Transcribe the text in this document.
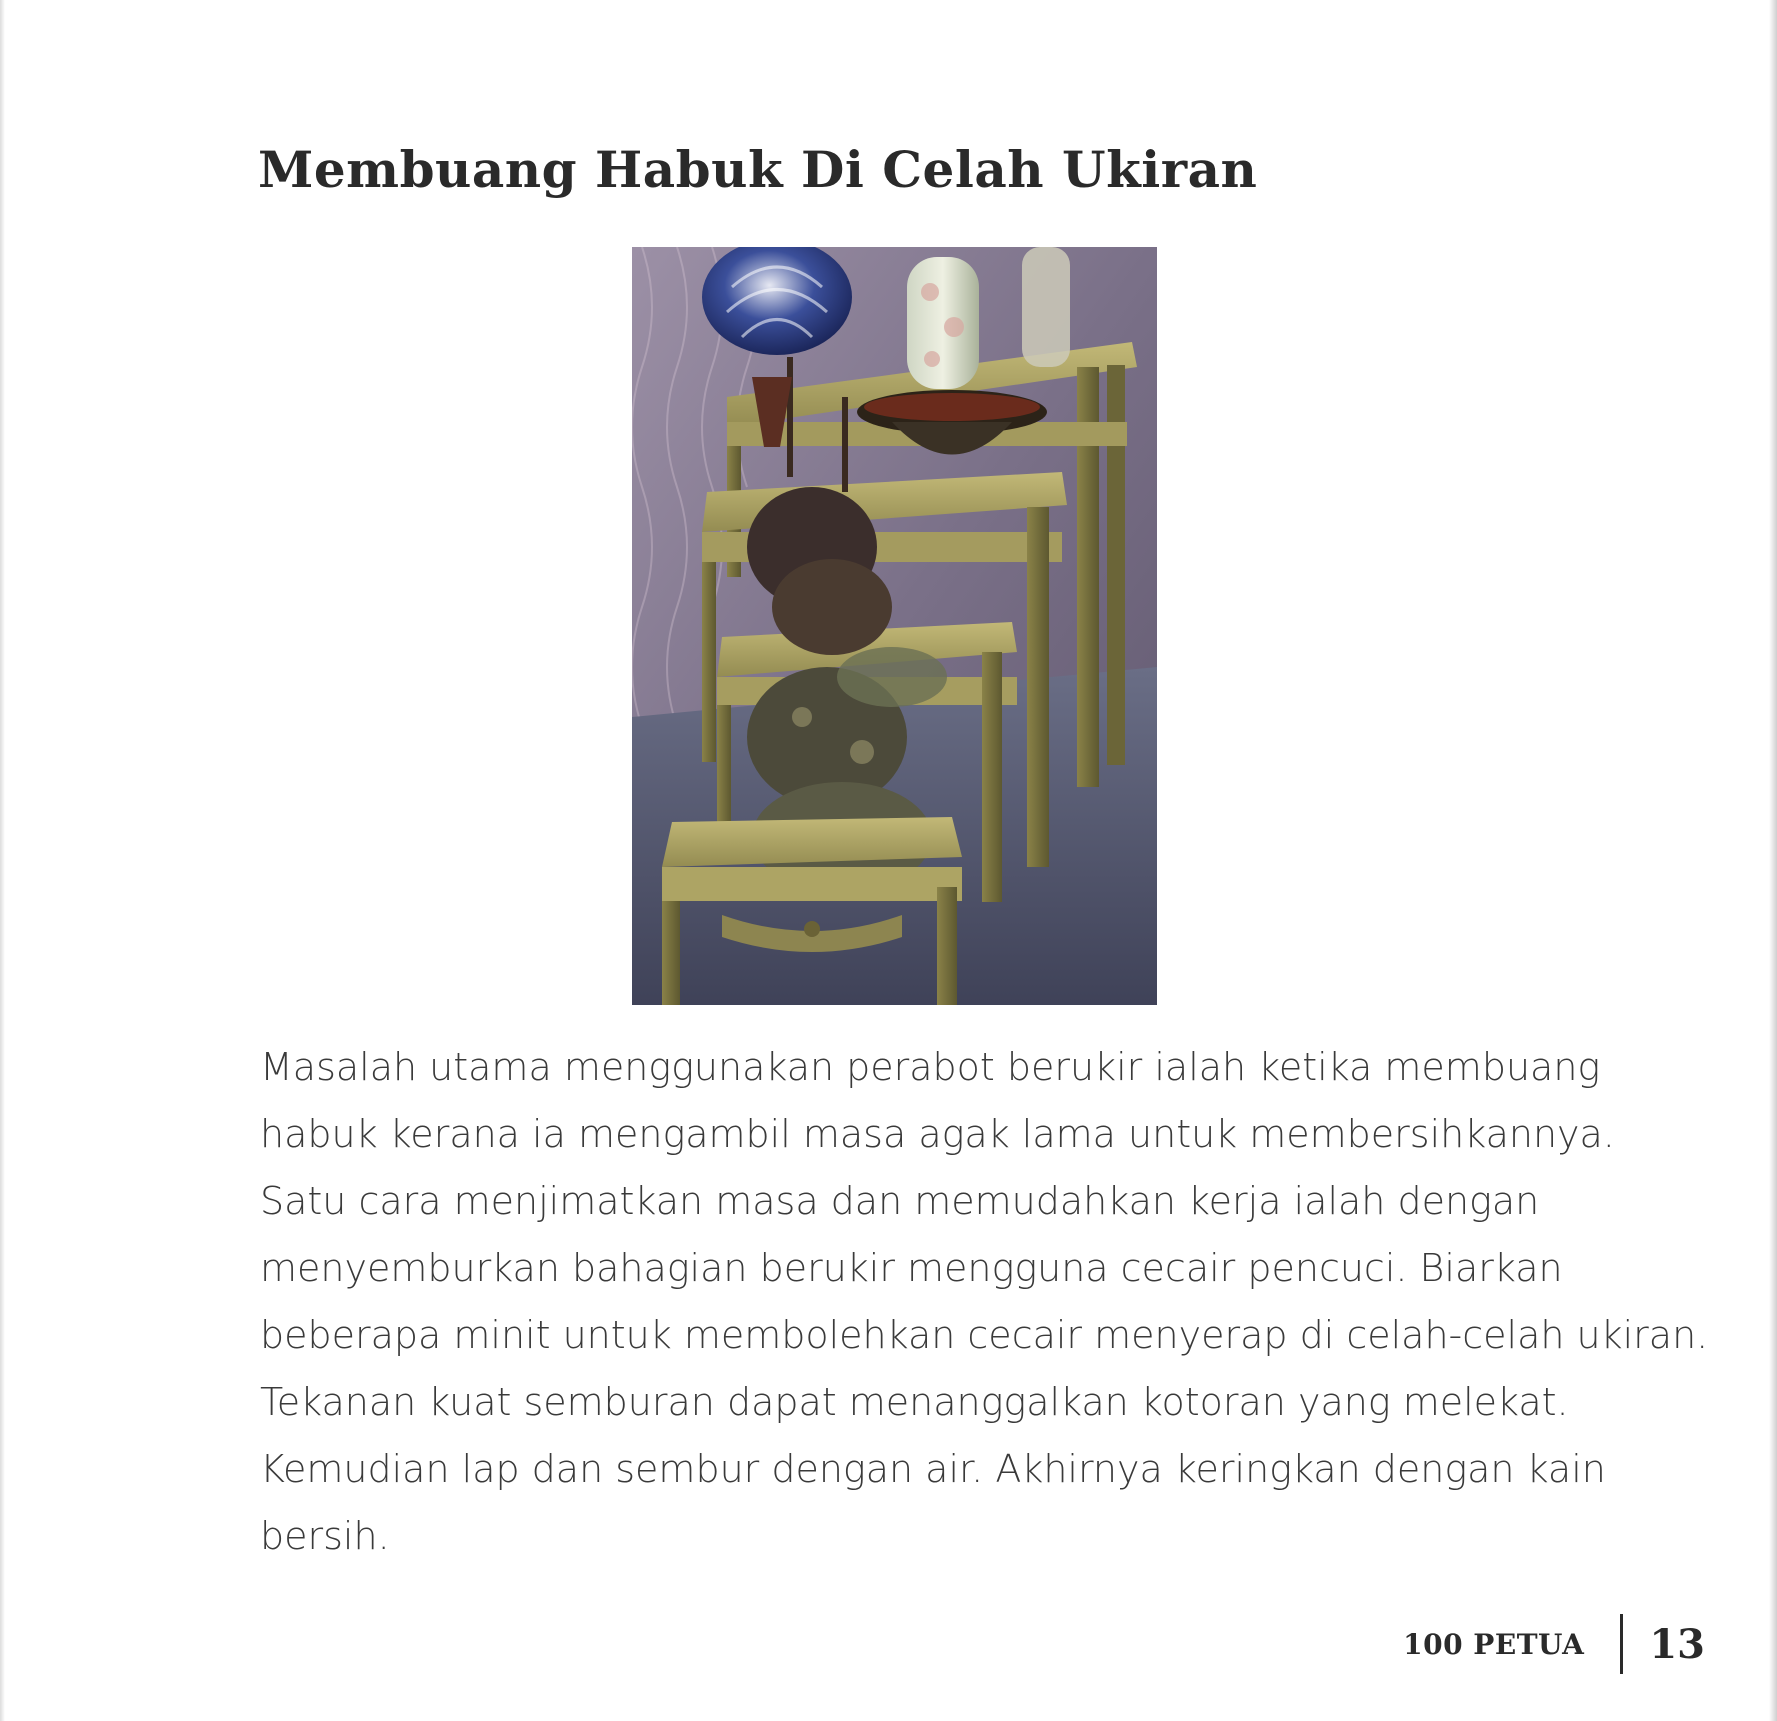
Membuang Habuk Di Celah Ukiran

Masalah utama menggunakan perabot berukir ialah ketika membuang
habuk kerana ia mengambil masa agak lama untuk membersihkannya.
Satu cara menjimatkan masa dan memudahkan kerja ialah dengan
menyemburkan bahagian berukir mengguna cecair pencuci. Biarkan
beberapa minit untuk membolehkan cecair menyerap di celah-celah ukiran.
Tekanan kuat semburan dapat menanggalkan kotoran yang melekat.
Kemudian lap dan sembur dengan air. Akhirnya keringkan dengan kain
bersih.

100 PETUA 13
